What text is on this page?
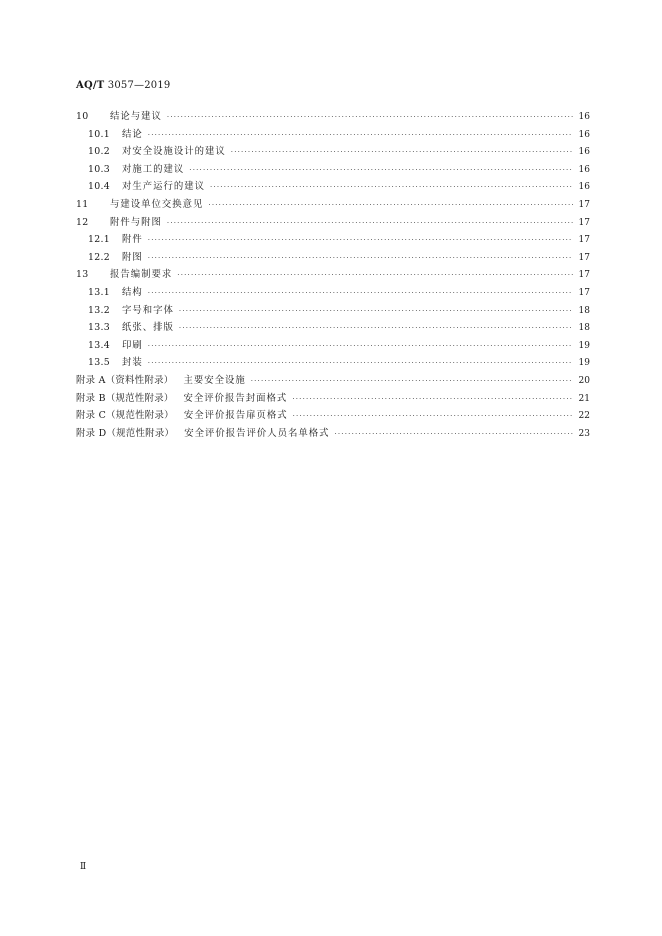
AQ/T 3057—2019
10	结论与建议 ·····	16
10.1 结论 ·····	16
10.2 对安全设施设计的建议 ·····	16
10.3 对施工的建议 ·····	16
10.4 对生产运行的建议 ·····	16
11	与建设单位交换意见 ·····	17
12	附件与附图 ·····	17
12.1 附件 ·····	17
12.2 附图 ·····	17
13	报告编制要求 ·····	17
13.1 结构 ·····	17
13.2 字号和字体 ·····	18
13.3 纸张、排版 ·····	18
13.4 印刷 ·····	19
13.5 封装 ·····	19
附录 A（资料性附录） 主要安全设施 ·····	20
附录 B（规范性附录） 安全评价报告封面格式 ·····	21
附录 C（规范性附录） 安全评价报告扉页格式 ·····	22
附录 D（规范性附录） 安全评价报告评价人员名单格式 ·····	23
Ⅱ
